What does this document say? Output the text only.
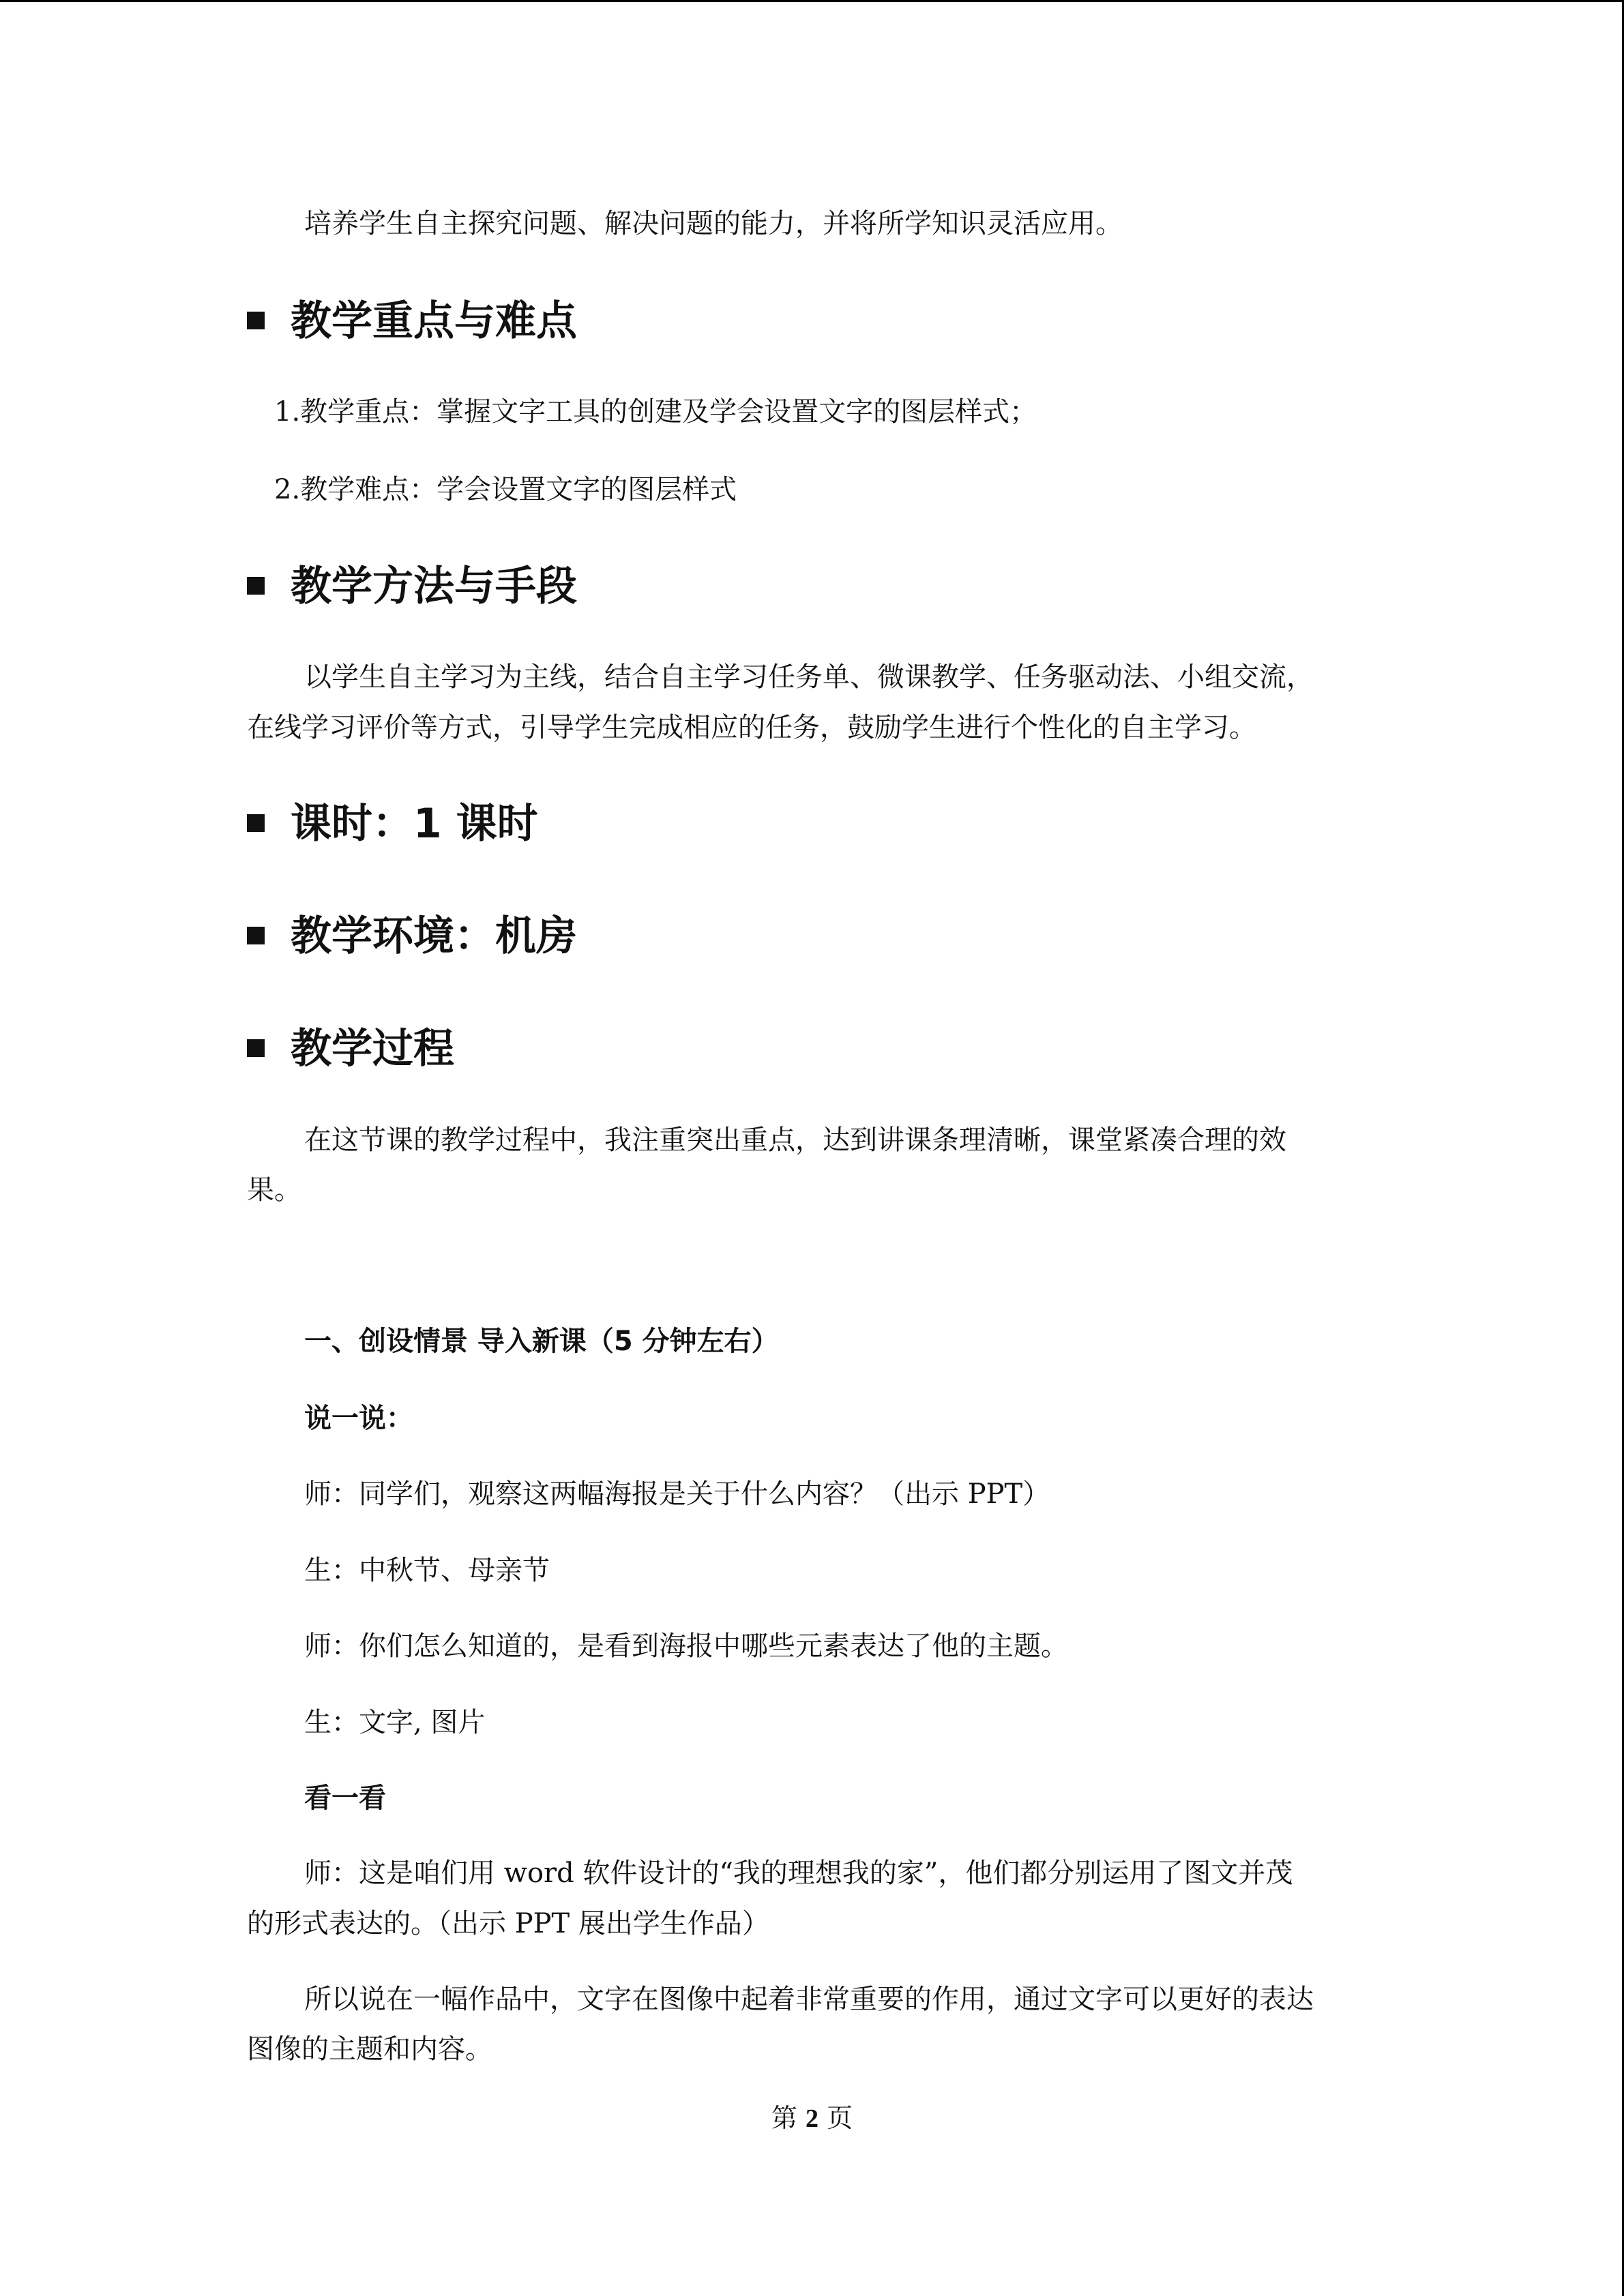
培养学生自主探究问题、解决问题的能力，并将所学知识灵活应用。
教学重点与难点
1.教学重点：掌握文字工具的创建及学会设置文字的图层样式；
2.教学难点：学会设置文字的图层样式
教学方法与手段
以学生自主学习为主线，结合自主学习任务单、微课教学、任务驱动法、小组交流，
在线学习评价等方式，引导学生完成相应的任务，鼓励学生进行个性化的自主学习。
课时：1 课时
教学环境：机房
教学过程
在这节课的教学过程中，我注重突出重点，达到讲课条理清晰，课堂紧凑合理的效
果。
一、创设情景 导入新课（5 分钟左右）
说一说：
师：同学们，观察这两幅海报是关于什么内容？（出示 PPT）
生：中秋节、母亲节
师：你们怎么知道的，是看到海报中哪些元素表达了他的主题。
生：文字, 图片
看一看
师：这是咱们用 word 软件设计的“我的理想我的家”，他们都分别运用了图文并茂
的形式表达的。（出示 PPT 展出学生作品）
所以说在一幅作品中，文字在图像中起着非常重要的作用，通过文字可以更好的表达
图像的主题和内容。
第 2 页
